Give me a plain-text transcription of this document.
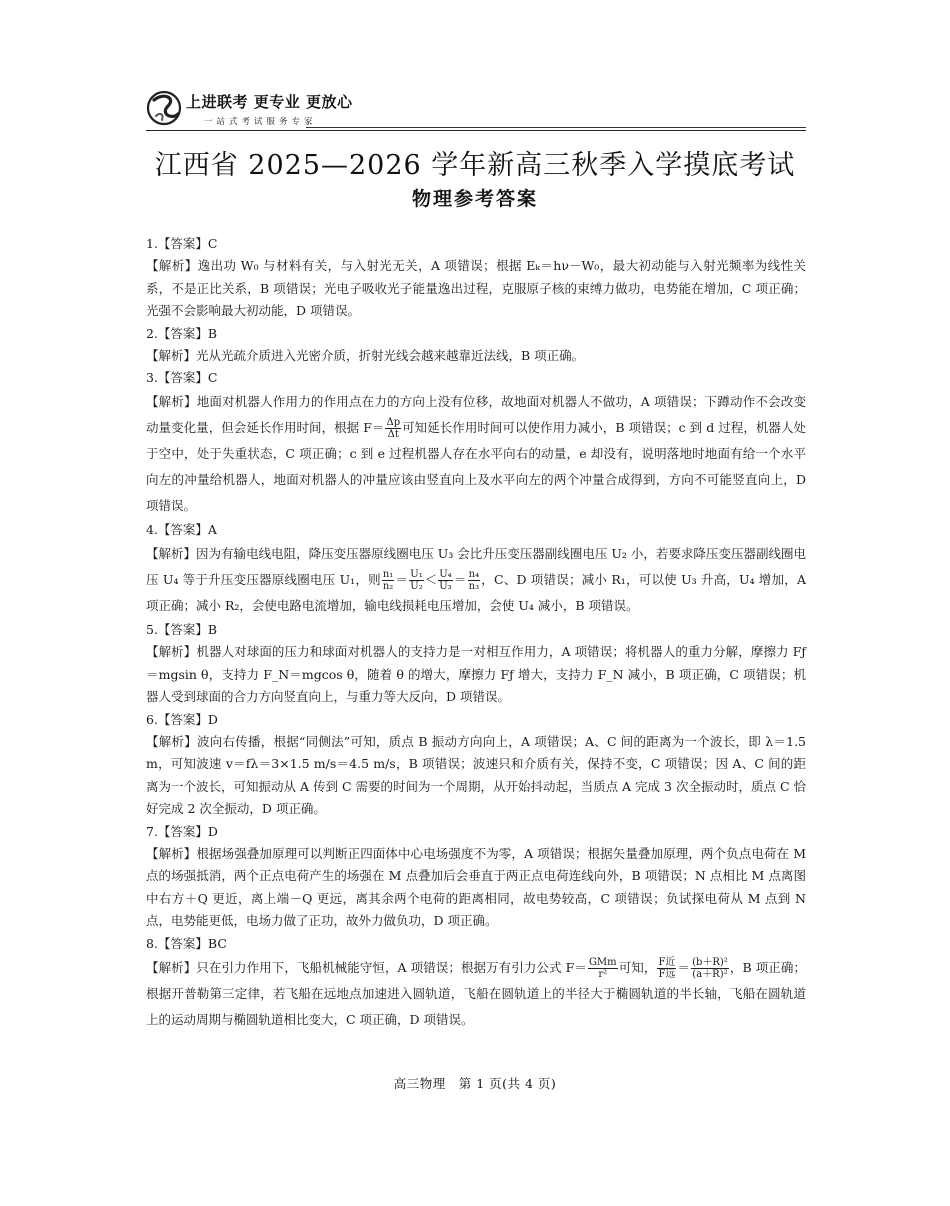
上进联考 更专业 更放心
一站式考试服务专家
江西省 2025—2026 学年新高三秋季入学摸底考试
物理参考答案
1.【答案】C
【解析】逸出功 W₀ 与材料有关，与入射光无关，A 项错误；根据 Eₖ＝hν－W₀，最大初动能与入射光频率为线性关系，不是正比关系，B 项错误；光电子吸收光子能量逸出过程，克服原子核的束缚力做功，电势能在增加，C 项正确；光强不会影响最大初动能，D 项错误。
2.【答案】B
【解析】光从光疏介质进入光密介质，折射光线会越来越靠近法线，B 项正确。
3.【答案】C
【解析】地面对机器人作用力的作用点在力的方向上没有位移，故地面对机器人不做功，A 项错误；下蹲动作不会改变动量变化量，但会延长作用时间，根据 $F= \frac{\Delta p}{\Delta t}$ 可知延长作用时间可以使作用力减小，B 项错误；c 到 d 过程，机器人处于空中，处于失重状态，C 项正确；c 到 e 过程机器人存在水平向右的动量，e 却没有，说明落地时地面有给一个水平向左的冲量给机器人，地面对机器人的冲量应该由竖直向上及水平向左的两个冲量合成得到，方向不可能竖直向上，D 项错误。
4.【答案】A
【解析】因为有输电线电阻，降压变压器原线圈电压 U₃ 会比升压变压器副线圈电压 U₂ 小，若要求降压变压器副线圈电压 U₄ 等于升压变压器原线圈电压 U₁，则 $\frac{\text{n₁}}{\text{n₂}} = \frac{\text{U₁}}{\text{U₂}} < \frac{\text{U₄}}{\text{U₃}} = \frac{\text{n₄}}{\text{n₃}}$ ，C、D 项错误；减小 R₁，可以使 U₃ 升高，U₄ 增加，A 项正确；减小 R₂，会使电路电流增加，输电线损耗电压增加，会使 U₄ 减小，B 项错误。
5.【答案】B
【解析】机器人对球面的压力和球面对机器人的支持力是一对相互作用力，A 项错误；将机器人的重力分解，摩擦力 Fƒ＝mgsin θ，支持力 F_N＝mgcos θ，随着 θ 的增大，摩擦力 Fƒ 增大，支持力 F_N 减小，B 项正确，C 项错误；机器人受到球面的合力方向竖直向上，与重力等大反向，D 项错误。
6.【答案】D
【解析】波向右传播，根据“同侧法”可知，质点 B 振动方向向上，A 项错误；A、C 间的距离为一个波长，即 λ＝1.5 m，可知波速 v＝fλ＝3×1.5 m/s＝4.5 m/s，B 项错误；波速只和介质有关，保持不变，C 项错误；因 A、C 间的距离为一个波长，可知振动从 A 传到 C 需要的时间为一个周期，从开始抖动起，当质点 A 完成 3 次全振动时，质点 C 恰好完成 2 次全振动，D 项正确。
7.【答案】D
【解析】根据场强叠加原理可以判断正四面体中心电场强度不为零，A 项错误；根据矢量叠加原理，两个负点电荷在 M 点的场强抵消，两个正点电荷产生的场强在 M 点叠加后会垂直于两正点电荷连线向外，B 项错误；N 点相比 M 点离图中右方＋Q 更近，离上端－Q 更远，离其余两个电荷的距离相同，故电势较高，C 项错误；负试探电荷从 M 点到 N 点，电势能更低，电场力做了正功，故外力做负功，D 项正确。
8.【答案】BC
【解析】只在引力作用下，飞船机械能守恒，A 项错误；根据万有引力公式 $F= \frac{\text{GMm}}{\text{r²}}$ 可知， $\frac{\text{F近}}{\text{F远}} = \frac{\text{(b＋R)²}}{\text{(a＋R)²}}$ ，B 项正确；根据开普勒第三定律，若飞船在远地点加速进入圆轨道，飞船在圆轨道上的半径大于椭圆轨道的半长轴，飞船在圆轨道上的运动周期与椭圆轨道相比变大，C 项正确，D 项错误。
高三物理　第 1 页(共 4 页)
